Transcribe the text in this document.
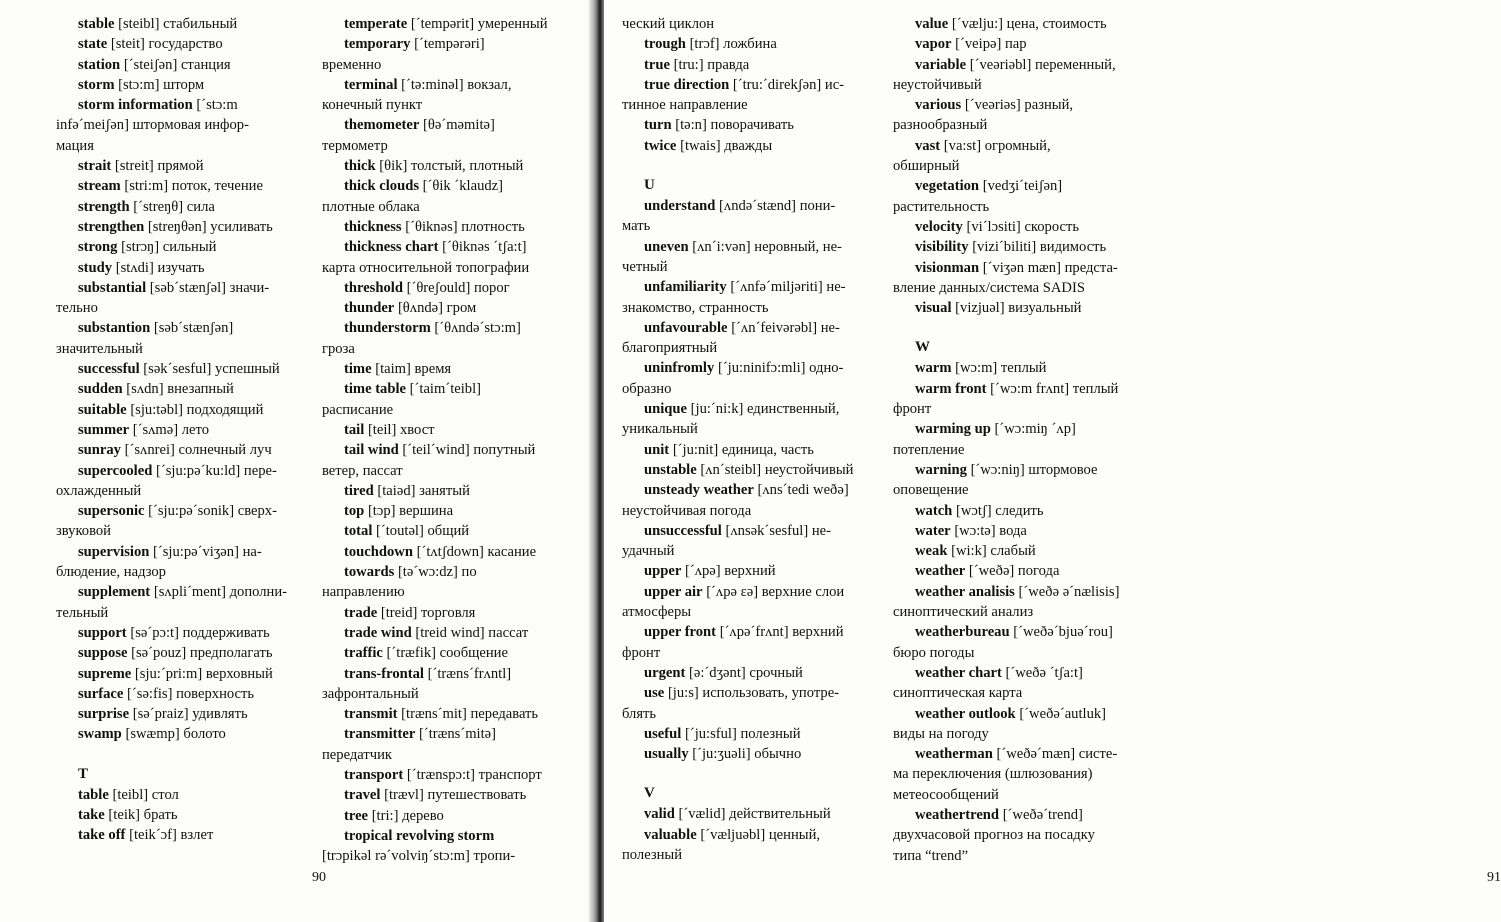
stable [steibl] стабильный

state [steit] государство

station [´steiʃən] станция

storm [stɔ:m] шторм

storm information [´stɔ:m

infə´meiʃən] штормовая инфор-

мация

strait [streit] прямой

stream [stri:m] поток, течение

strength [´streŋθ] сила

strengthen [streŋθən] усиливать

strong [strɔŋ] сильный

study [stʌdi] изучать

substantial [səb´stænʃəl] значи-

тельно

substantion [səb´stænʃən]

значительный

successful [sək´sesful] успешный

sudden [sʌdn] внезапный

suitable [sju:təbl] подходящий

summer [´sʌmə] лето

sunray [´sʌnrei] солнечный луч

supercooled [´sju:pə´ku:ld] пере-

охлажденный

supersonic [´sju:pə´sonik] сверх-

звуковой

supervision [´sju:pə´viʒən] на-

блюдение, надзор

supplement [sʌpli´ment] дополни-

тельный

support [sə´pɔ:t] поддерживать

suppose [sə´pouz] предполагать

supreme [sju:´pri:m] верховный

surface [´sə:fis] поверхность

surprise [sə´praiz] удивлять

swamp [swæmp] болото

T

table [teibl] стол

take [teik] брать

take off [teik´ɔf] взлет

temperate [´tempərit] умеренный

temporary [´tempərəri]

временно

terminal [´tə:minəl] вокзал,

конечный пункт

themometer [θə´məmitə]

термометр

thick [θik] толстый, плотный

thick clouds [´θik ´klaudz]

плотные облака

thickness [´θiknəs] плотность

thickness chart [´θiknəs ´tʃa:t]

карта относительной топографии

threshold [´θreʃould] порог

thunder [θʌndə] гром

thunderstorm [´θʌndə´stɔ:m]

гроза

time [taim] время

time table [´taim´teibl]

расписание

tail [teil] хвост

tail wind [´teil´wind] попутный

ветер, пассат

tired [taiəd] занятый

top [tɔp] вершина

total [´toutəl] общий

touchdown [´tʌtʃdown] касание

towards [tə´wɔ:dz] по

направлению

trade [treid] торговля

trade wind [treid wind] пассат

traffic [´træfik] сообщение

trans-frontal [´træns´frʌntl]

зафронтальный

transmit [træns´mit] передавать

transmitter [´træns´mitə]

передатчик

transport [´trænspɔ:t] транспорт

travel [trævl] путешествовать

tree [tri:] дерево

tropical revolving storm

[trɔpikəl rə´volviŋ´stɔ:m] тропи-

90	91

ческий циклон

trough [trɔf] ложбина

true [tru:] правда

true direction [´tru:´direkʃən] ис-

тинное направление

turn [tə:n] поворачивать

twice [twais] дважды

U

understand [ʌndə´stænd] пони-

мать

uneven [ʌn´i:vən] неровный, не-

четный

unfamiliarity [´ʌnfə´miljəriti] не-

знакомство, странность

unfavourable [´ʌn´feivərəbl] не-

благоприятный

uninfromly [´ju:ninifɔ:mli] одно-

образно

unique [ju:´ni:k] единственный,

уникальный

unit [´ju:nit] единица, часть

unstable [ʌn´steibl] неустойчивый

unsteady weather [ʌns´tedi weðə]

неустойчивая погода

unsuccessful [ʌnsək´sesful] не-

удачный

upper [´ʌpə] верхний

upper air [´ʌpə ɛə] верхние слои

атмосферы

upper front [´ʌpə´frʌnt] верхний

фронт

urgent [ə:´dʒənt] срочный

use [ju:s] использовать, употре-

блять

useful [´ju:sful] полезный

usually [´ju:ʒuəli] обычно

V

valid [´vælid] действительный

valuable [´væljuəbl] ценный,

полезный

value [´vælju:] цена, стоимость

vapor [´veipə] пар

variable [´veəriəbl] переменный,

неустойчивый

various [´veəriəs] разный,

разнообразный

vast [va:st] огромный,

обширный

vegetation [vedʒi´teiʃən]

растительность

velocity [vi´lɔsiti] скорость

visibility [vizi´biliti] видимость

visionman [´viʒən mæn] предста-

вление данных/система SADIS

visual [vizjuəl] визуальный

W

warm [wɔ:m] теплый

warm front [´wɔ:m frʌnt] теплый

фронт

warming up [´wɔ:miŋ ´ʌp]

потепление

warning [´wɔ:niŋ] штормовое

оповещение

watch [wɔtʃ] следить

water [wɔ:tə] вода

weak [wi:k] слабый

weather [´weðə] погода

weather analisis [´weðə ə´nælisis]

синоптический анализ

weatherbureau [´weðə´bjuə´rou]

бюро погоды

weather chart [´weðə ´tʃa:t]

синоптическая карта

weather outlook [´weðə´autluk]

виды на погоду

weatherman [´weðə´mæn] систе-

ма переключения (шлюзования)

метеосообщений

weathertrend [´weðə´trend]

двухчасовой прогноз на посадку

типа “trend”
